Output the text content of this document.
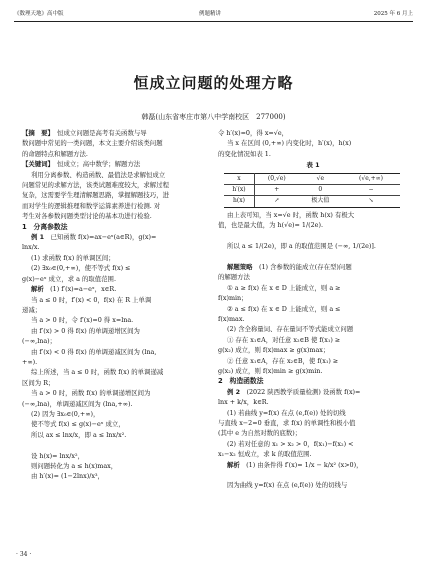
《数理天地》高中版	例题精讲	2025 年 6 月上
恒成立问题的处理方略
韩磊(山东省枣庄市第八中学南校区　277000)

【摘　要】　恒成立问题是高考有关函数与导

数问题中常见的一类问题，本文主要介绍该类问题

的命题特点和解题方法.

【关键词】　恒成立；高中数学；解题方法

利用分离参数、构造函数、最值法是求解恒成立

问题常见的求解方法，该类试题难度较大，求解过程

复杂，这需要学生理清解题思路，掌握解题技巧，进

而对学生的逻辑推理和数学运算素养进行检测. 对

考生对各参数问题类型讨论的基本功进行检验.

1　分离参数法

例 1　已知函数 f(x)=ax−eˣ(a∈R)，g(x)=

lnx/x.

(1) 求函数 f(x) 的单调区间；

(2) ∃x₀∈(0,+∞)，使不等式 f(x) ≤

g(x)−eˣ 成立，求 a 的取值范围.

解析　(1) f′(x)=a−eˣ，x∈R.

当 a ≤ 0 时，f′(x) < 0，f(x) 在 R 上单调

递减；

当 a > 0 时，令 f′(x)=0 得 x=lna.

由 f′(x) > 0 得 f(x) 的单调递增区间为

(−∞,lna)；

由 f′(x) < 0 得 f(x) 的单调递减区间为 (lna,

+∞).

综上所述，当 a ≤ 0 时，函数 f(x) 的单调递减

区间为 R；

当 a > 0 时，函数 f(x) 的单调递增区间为

(−∞,lna)，单调递减区间为 (lna,+∞).

(2) 因为 ∃x₀∈(0,+∞)，

使不等式 f(x) ≤ g(x)−eˣ 成立，

所以 ax ≤ lnx/x，即 a ≤ lnx/x².

设 h(x)= lnx/x²，

则问题转化为 a ≤ h(x)max，

由 h′(x)= (1−2lnx)/x³，

令 h′(x)=0，得 x=√e，

当 x 在区间 (0,+∞) 内变化时，h′(x)，h(x)

的变化情况如表 1.

表 1
x	(0,√e)	√e	(√e,+∞)
h′(x)	+	0	−
h(x)	↗	极大值	↘

由上表可知，当 x=√e 时，函数 h(x) 有极大

值，也是最大值，为 h(√e)= 1/(2e).

所以 a ≤ 1/(2e)，即 a 的取值范围是 (−∞, 1/(2e)].

解题策略　(1) 含参数的能成立(存在型)问题

的解题方法

① a ≥ f(x) 在 x ∈ D 上能成立，则 a ≥

f(x)min；

② a ≤ f(x) 在 x ∈ D 上能成立，则 a ≤

f(x)max.

(2) 含全称量词、存在量词不等式能成立问题

① 存在 x₁∈A，对任意 x₂∈B 使 f(x₁) ≥

g(x₂) 成立，则 f(x)max ≥ g(x)max；

② 任意 x₁∈A，存在 x₂∈B，使 f(x₁) ≥

g(x₂) 成立，则 f(x)min ≥ g(x)min.

2　构造函数法

例 2　(2022 陕西教学质量检测) 设函数 f(x)=

lnx + k/x，k∈R.

(1) 若曲线 y=f(x) 在点 (e,f(e)) 处的切线

与直线 x−2=0 垂直，求 f(x) 的单调性和极小值

(其中 e 为自然对数的底数)；

(2) 若对任意的 x₁ > x₂ > 0，f(x₁)−f(x₂) <

x₁−x₂ 恒成立，求 k 的取值范围.

解析　(1) 由条件得 f′(x)= 1/x − k/x² (x>0)，

因为曲线 y=f(x) 在点 (e,f(e)) 处的切线与

· 34 ·
